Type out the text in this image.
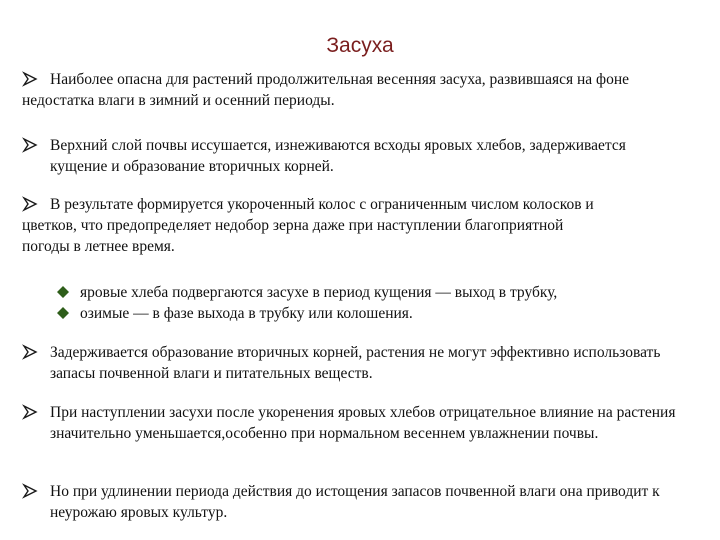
Засуха
Наиболее опасна для растений продолжительная весенняя засуха, развившаяся на фоне недостатка влаги в зимний и осенний периоды.
Верхний слой почвы иссушается, изнеживаются всходы яровых хлебов, задерживается кущение и образование вторичных корней.
В результате формируется укороченный колос с ограниченным числом колосков и цветков, что предопределяет недобор зерна даже при наступлении благоприятной погоды в летнее время.
яровые хлеба подвергаются засухе в период кущения — выход в трубку,
озимые — в фазе выхода в трубку или колошения.
Задерживается образование вторичных корней, растения не могут эффективно использовать запасы почвенной влаги и питательных веществ.
При наступлении засухи после укоренения яровых хлебов отрицательное влияние на растения значительно уменьшается,особенно при нормальном весеннем увлажнении почвы.
Но при удлинении периода действия до истощения запасов почвенной влаги она приводит к неурожаю яровых культур.
